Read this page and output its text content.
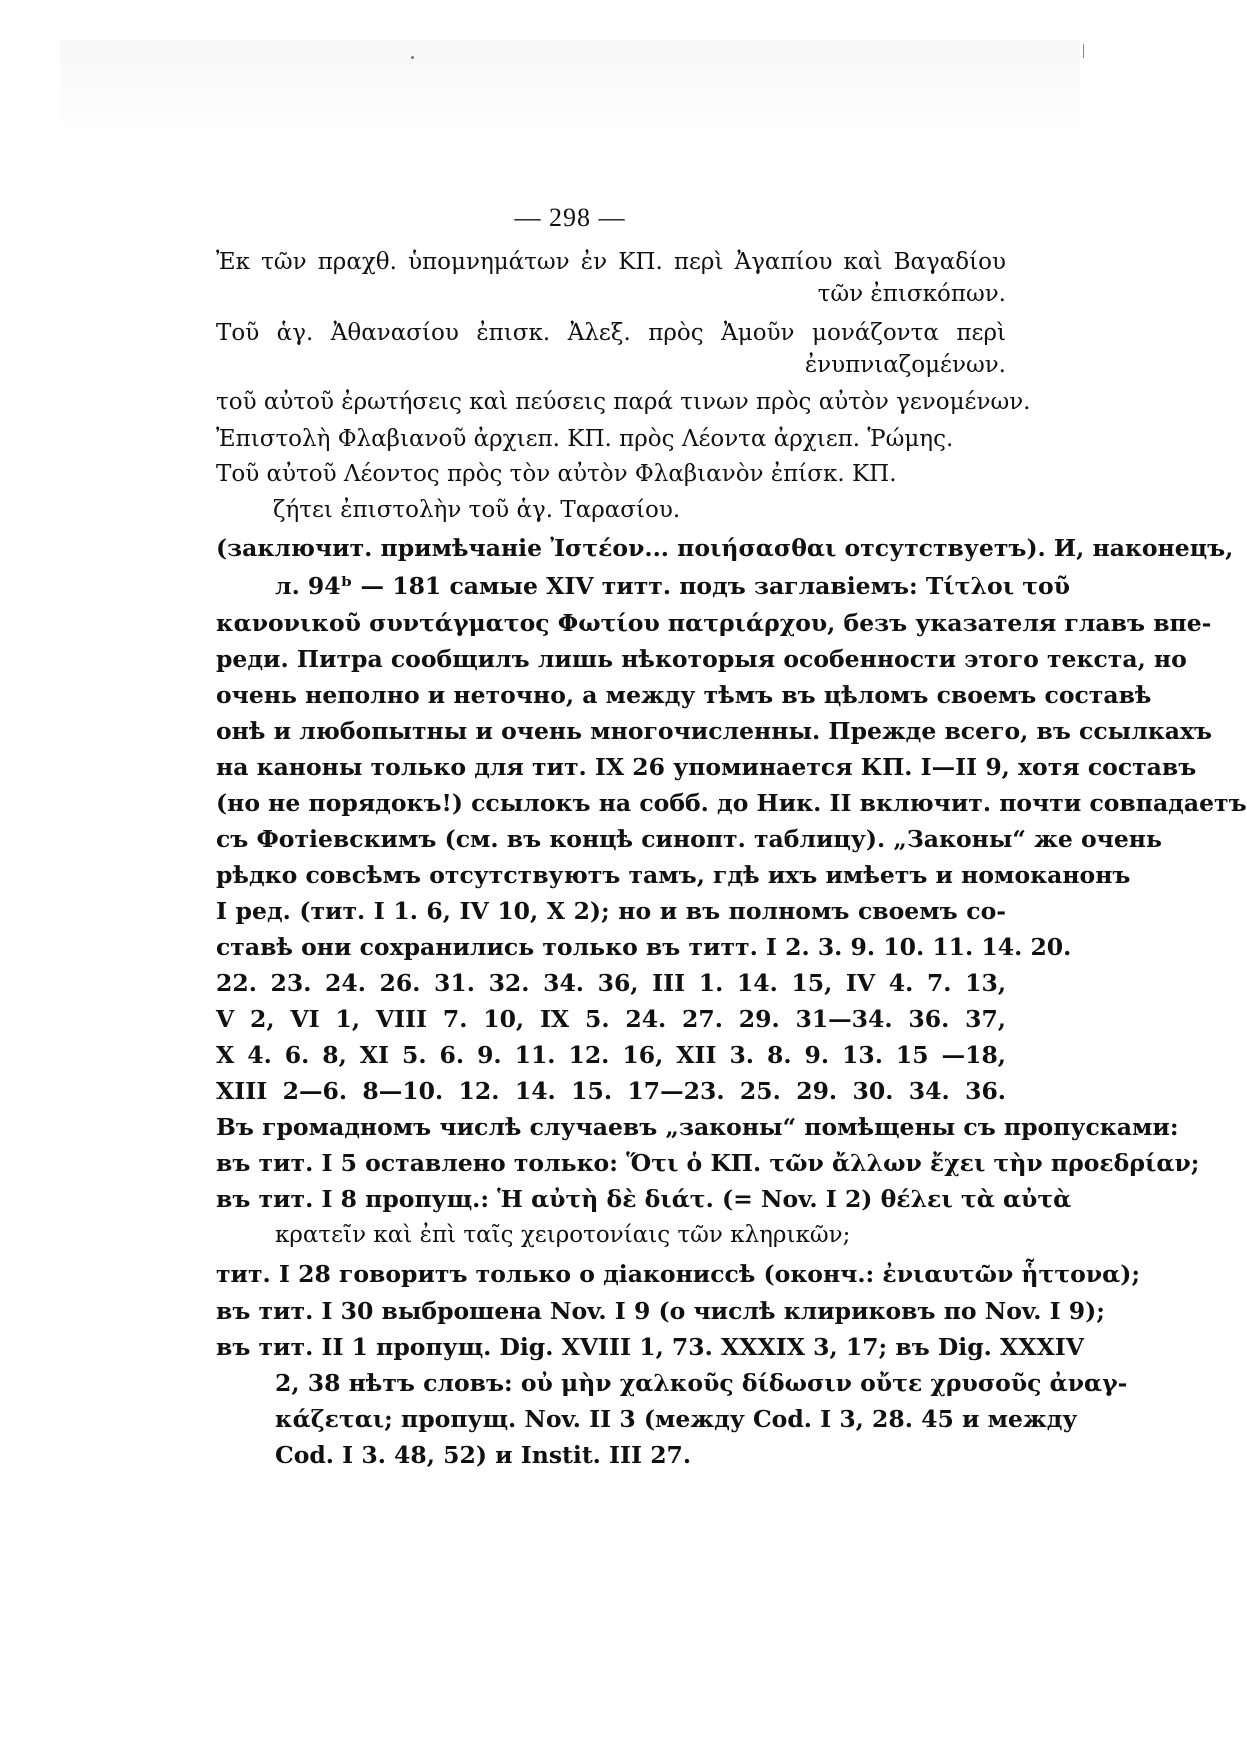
— 298 —
Ἐκ τῶν πραχθ. ὑπομνημάτων ἐν ΚΠ. περὶ Ἀγαπίου καὶ Βαγαδίου
τῶν ἐπισκόπων.
Τοῦ ἁγ. Ἀθανασίου ἐπισκ. Ἀλεξ. πρὸς Ἀμοῦν μονάζοντα περὶ
ἐνυπνιαζομένων.
τοῦ αὐτοῦ ἐρωτήσεις καὶ πεύσεις παρά τινων πρὸς αὐτὸν γενομένων.
Ἐπιστολὴ Φλαβιανοῦ ἀρχιεπ. ΚΠ. πρὸς Λέοντα ἀρχιεπ. Ῥώμης.
Τοῦ αὐτοῦ Λέοντος πρὸς τὸν αὐτὸν Φλαβιανὸν ἐπίσκ. ΚΠ.
ζήτει ἐπιστολὴν τοῦ ἁγ. Ταρασίου.
(заключит. примѣчаніе Ἰστέον... ποιήσασθαι отсутствуетъ). И, наконецъ,
л. 94ᵇ — 181 самые XIV титт. подъ заглавіемъ: Τίτλοι τοῦ
κανονικοῦ συντάγματος Φωτίου πατριάρχου, безъ указателя главъ впе-
реди. Питра сообщилъ лишь нѣкоторыя особенности этого текста, но
очень неполно и неточно, а между тѣмъ въ цѣломъ своемъ составѣ
онѣ и любопытны и очень многочисленны. Прежде всего, въ ссылкахъ
на каноны только для тит. IX 26 упоминается КП. I—II 9, хотя составъ
(но не порядокъ!) ссылокъ на собб. до Ник. II включит. почти совпадаетъ
съ Фотіевскимъ (см. въ концѣ синопт. таблицу). „Законы“ же очень
рѣдко совсѣмъ отсутствуютъ тамъ, гдѣ ихъ имѣетъ и номоканонъ
I ред. (тит. I 1. 6, IV 10, X 2); но и въ полномъ своемъ со-
ставѣ они сохранились только въ титт. I 2. 3. 9. 10. 11. 14. 20.
22. 23. 24. 26. 31. 32. 34. 36, III 1. 14. 15, IV 4. 7. 13,
V 2, VI 1, VIII 7. 10, IX 5. 24. 27. 29. 31—34. 36. 37,
X 4. 6. 8, XI 5. 6. 9. 11. 12. 16, XII 3. 8. 9. 13. 15 —18,
XIII 2—6. 8—10. 12. 14. 15. 17—23. 25. 29. 30. 34. 36.
Въ громадномъ числѣ случаевъ „законы“ помѣщены съ пропусками:
въ тит. I 5 оставлено только: Ὅτι ὁ ΚΠ. τῶν ἄλλων ἔχει τὴν προεδρίαν;
въ тит. I 8 пропущ.: Ἡ αὐτὴ δὲ διάτ. (= Nov. I 2) θέλει τὰ αὐτὰ
κρατεῖν καὶ ἐπὶ ταῖς χειροτονίαις τῶν κληρικῶν;
тит. I 28 говоритъ только о діакониссѣ (оконч.: ἐνιαυτῶν ἧττονα);
въ тит. I 30 выброшена Nov. I 9 (о числѣ клириковъ по Nov. I 9);
въ тит. II 1 пропущ. Dig. XVIII 1, 73. XXXIX 3, 17; въ Dig. XXXIV
2, 38 нѣтъ словъ: οὐ μὴν χαλκοῦς δίδωσιν οὔτε χρυσοῦς ἀναγ-
κάζεται; пропущ. Nov. II 3 (между Cod. I 3, 28. 45 и между
Cod. I 3. 48, 52) и Instit. III 27.
